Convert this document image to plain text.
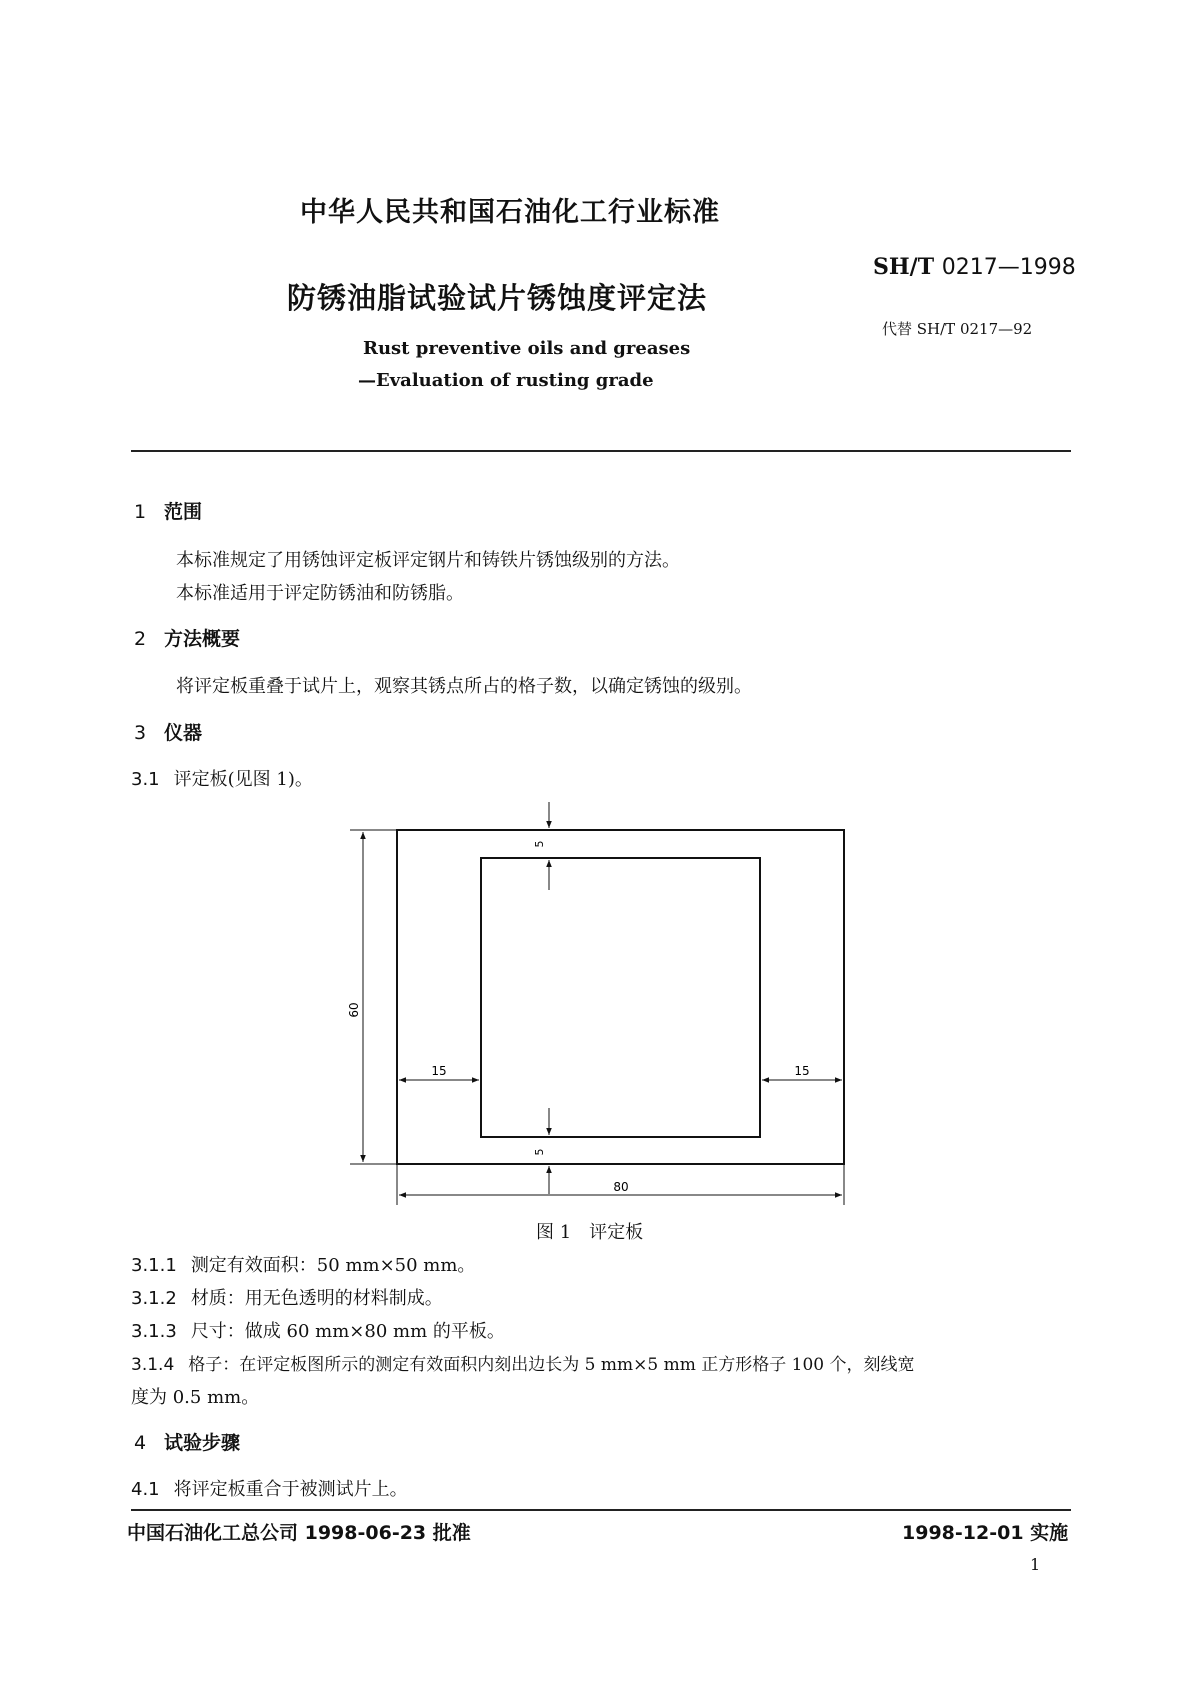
中华人民共和国石油化工行业标准
SH/T 0217—1998
防锈油脂试验试片锈蚀度评定法
代替 SH/T 0217—92
Rust preventive oils and greases
—Evaluation of rusting grade
1 范围
本标准规定了用锈蚀评定板评定钢片和铸铁片锈蚀级别的方法。
本标准适用于评定防锈油和防锈脂。
2 方法概要
将评定板重叠于试片上，观察其锈点所占的格子数，以确定锈蚀的级别。
3 仪器
3.1 评定板(见图 1)。
60
80
15	15
5
5
图 1　评定板
3.1.1 测定有效面积：50 mm×50 mm。
3.1.2 材质：用无色透明的材料制成。
3.1.3 尺寸：做成 60 mm×80 mm 的平板。
3.1.4 格子：在评定板图所示的测定有效面积内刻出边长为 5 mm×5 mm 正方形格子 100 个，刻线宽
度为 0.5 mm。
4 试验步骤
4.1 将评定板重合于被测试片上。
中国石油化工总公司 1998-06-23 批准	1998-12-01 实施
1
